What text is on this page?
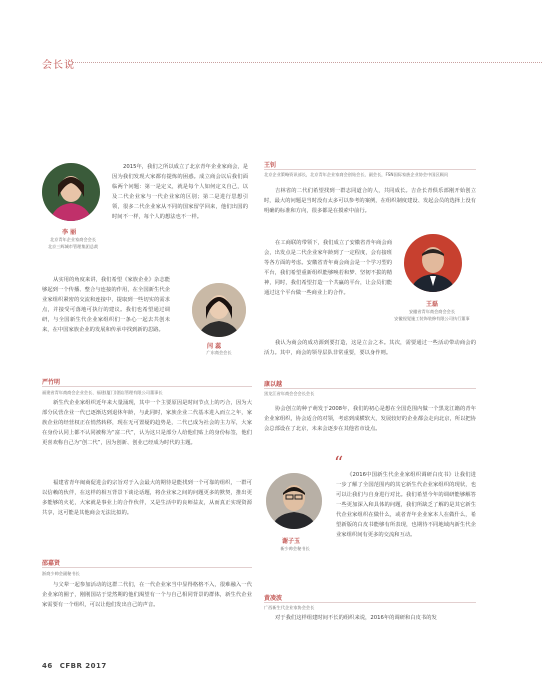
会长说
李 丽
北京青年企业家商会会长
北京三辉城市管理集团总裁

2015年，我们之所以成立了北京青年企业家商会，是因为我们发现大家都有提炼的困惑。成立商会以后我们面临两个问题：第一是定义，就是每个人如何定义自己，以及二代企业家与一代企业家的区别；第二是进行思想引领，很多二代企业家从不同的国家留学回来，他们出国的时间不一样，每个人的想法也不一样。

从实用的角度来讲，我们希望《家族企业》杂志能够起到一个传播、整合与连接的作用，在全国新生代企业家组织紧密的交流和连接中，提取到一些切实的需求点，并接受可落地可执行的建议。我们也希望通过调研，与全国新生代企业家组织们一条心一起去共创未来，在中国家族企业的发展和传承中找到新的思路。

闫 蕊
广东商会会长
严竹明
福建省青年商商会企业会长、福建(厦门)酒店管理有限公司董事长

新生代企业家组织近年来大量涌现，其中一个主要原因是时间节点上的巧合，因为大部分民营企业一代已逐渐达到退休年龄，与此同时，家族企业二代基本进入而立之年，家族企业的经营权正在悄然转移，现在无可置疑的趋势是，二代已成为社会的主力军，大家在身份认同上都不认同被称为“富二代”，认为这只是部分人给他们贴上的身份标签，他们更喜欢称自己为“创二代”，因为创新、创业已经成为时代的主题。

福建省青年闽商促进会的宗旨对于入会最大的期待是能找到一个可靠的组织，一群可以信赖的伙伴，在这样的相互背景下谈论话题，将企业家之间的问题更多的默契，推出更多能够的火花，大家就是事业上的合作伙伴，又是生活中的良师益友，从而真正实现资源共享，这可能是其他商会无法比拟的。

邵嘉贤
浙商少帅会副秘书长

与父辈一起参加活动的这群二代们，在一代企业家当中显得格格不入，很难融入一代企业家的圈子，刚刚国站于觉然期的他们渴望有一个与自己相同背景的群体，新生代企业家需要有一个组织，可以让他们发出自己的声音。

王钊
北京企业策略资讯部长，北京青年企业家商会创始会长、副会长，FSN国际家族企业协会中国区顾问

吉林省的二代们希望找到一群志同道合的人，共同成长。吉企长青俱乐部刚开始创立时，最大的问题是当时没有太多可以参考的案例，在组织制度建设、发起会员的选择上没有明确的标准和方向，很多都是在摸索中前行。

在工商联的带领下，我们成立了安徽省青年商会商会，出发点是二代企业家年龄到了一定程度，会有接班等各方面的考虑。安徽省青年商会商会是一个学习型的平台，我们希望重新组织能够唤若和梦、坚韧不拔的精神，同时，我们希望打造一个共赢的平台，让会员们能通过这个平台做一些商业上的合作。

王磊
安徽省青年商会商会会长
安徽视觉施工装饰装修有限公司执行董事

我认为商会的成功源到要打造，这是立会之本。其次，需要通过一些活动带动商会的活力。其中，商会的领导层队非常重要，要以身作则。

康以越
黑龙江省年商会会会长会长

协会创立的种子萌发于2008年，我们的初心是想在全国范围内做一个黑龙江籍的青年企业家组织，协会适合的对领，考虑到成横软大，发展较好的企业都会走向北京，所以把协会总部设在了北京，未来会逐步在其他省市设点。

谢子玉
新少帅会秘书长
“

《2016中国新生代企业家组织调研白皮书》让我们进一步了解了全国范围内的其它新生代企业家组织的现状，也可以让我们与自身进行对比。我们希望今年的调研能够解答一些更加深入和具体的问题，我们所缺乏了解的是其它新生代企业家组织在做什么，或者青年企业家本人在做什么，希望新版的白皮书能够有所表现，也期待不同地域内新生代企业家组织间有更多的交流和互动。

黄凌波
广西新生代企业家协会会长

对于我们这样组建时间不长的组织来说，2016年的调研和白皮书的发

46 CFBR 2017
